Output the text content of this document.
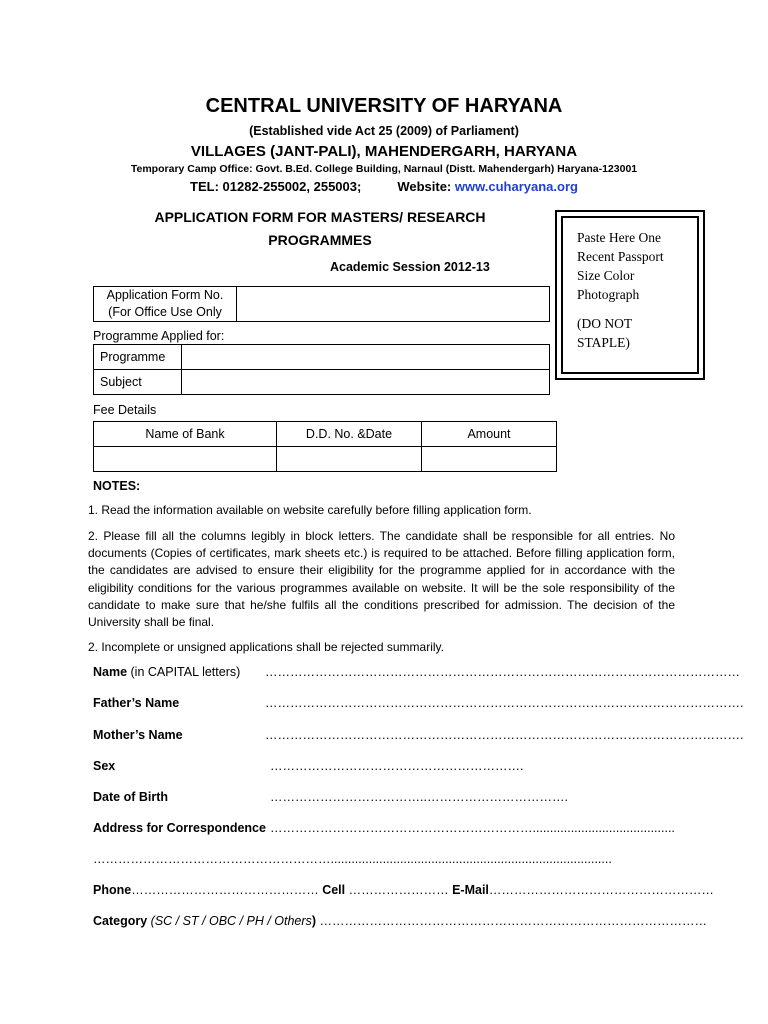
CENTRAL UNIVERSITY OF HARYANA
(Established vide Act 25 (2009) of Parliament)
VILLAGES (JANT-PALI), MAHENDERGARH, HARYANA
Temporary Camp Office: Govt. B.Ed. College Building, Narnaul (Distt. Mahendergarh) Haryana-123001
TEL: 01282-255002, 255003;	Website: www.cuharyana.org
APPLICATION FORM FOR MASTERS/ RESEARCH
PROGRAMMES
Academic Session 2012-13
Paste Here One
Recent Passport
Size Color
Photograph
(DO NOT
STAPLE)
Application Form No.
(For Office Use Only

Programme Applied for:
Programme	
Subject	
Fee Details
Name of Bank	D.D. No. &Date	Amount

NOTES:
1. Read the information available on website carefully before filling application form.
2. Please fill all the columns legibly in block letters. The candidate shall be responsible for all entries. No documents (Copies of certificates, mark sheets etc.) is required to be attached. Before filling application form, the candidates are advised to ensure their eligibility for the programme applied for in accordance with the eligibility conditions for the various programmes available on website. It will be the sole responsibility of the candidate to make sure that he/she fulfils all the conditions prescribed for admission. The decision of the University shall be final.
2. Incomplete or unsigned applications shall be rejected summarily.
Name (in CAPITAL letters)	……………………………………………………………………………………………………
Father’s Name	…………………………………………………………………………………………………….
Mother’s Name	…………………………………………………………………………………………………….
Sex	…………………………………………………….
Date of Birth	………………………………..…………………………….
Address for Correspondence ……………………………………………………….........................................
………………………………………………….................................................................................
Phone……………………………………… Cell …………………… E-Mail………………………………………………
Category (SC / ST / OBC / PH / Others) …………………………………………………………………………………
